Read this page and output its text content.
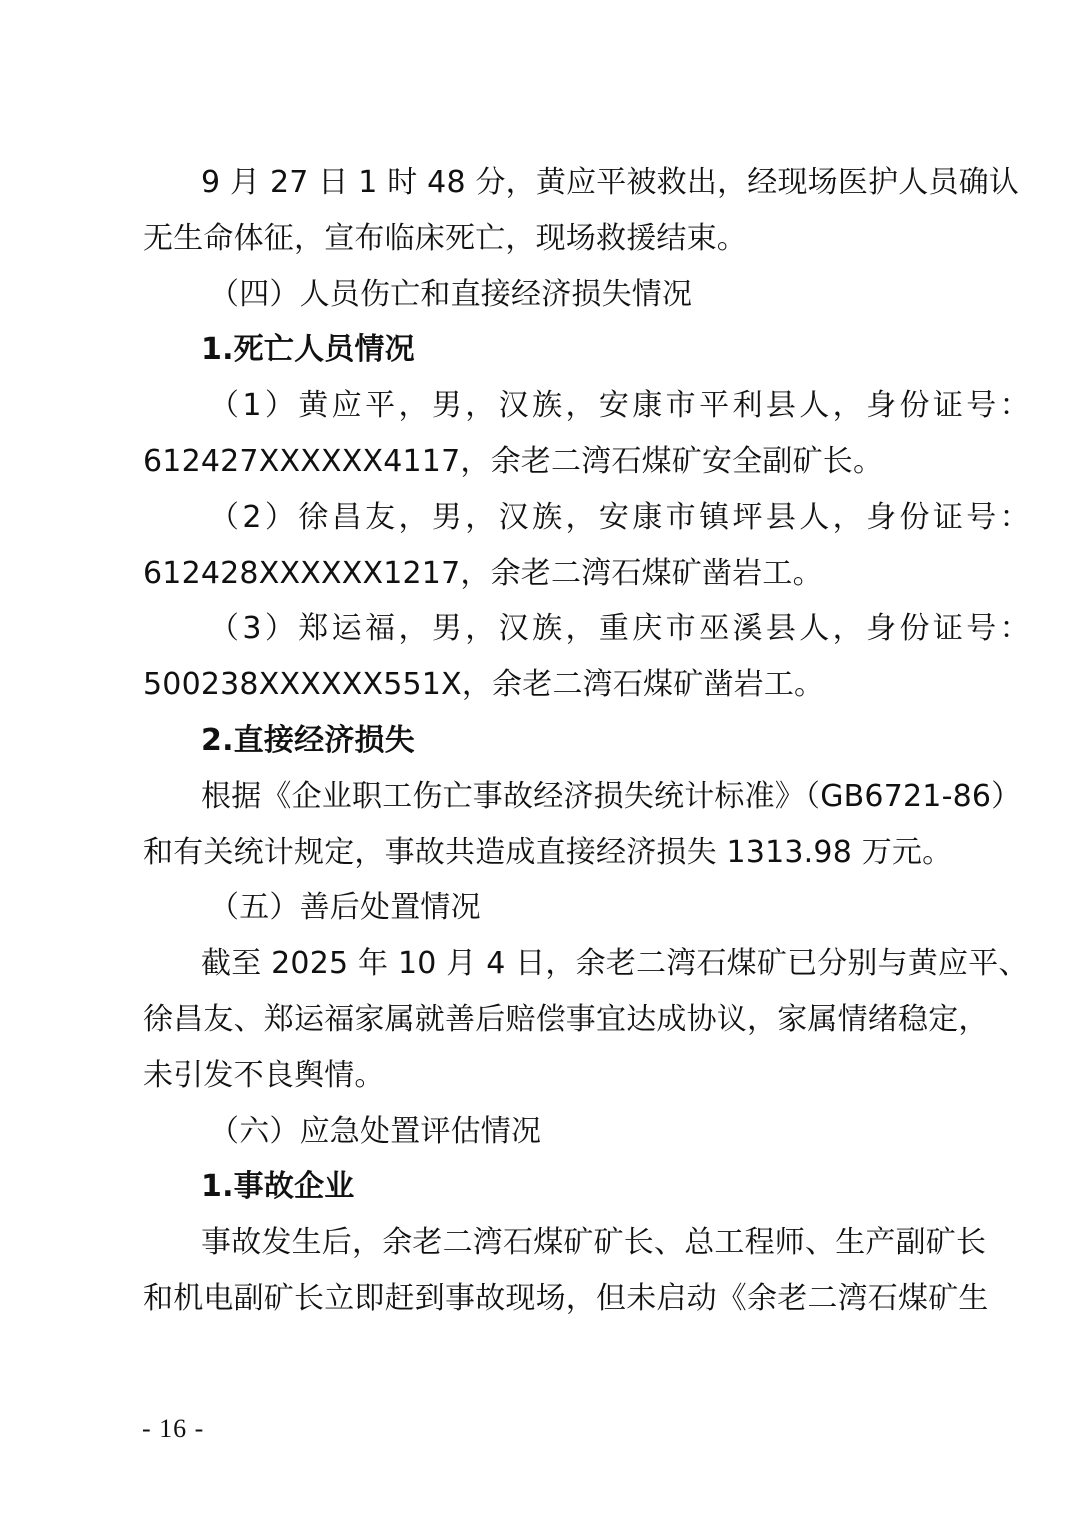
9 月 27 日 1 时 48 分，黄应平被救出，经现场医护人员确认
无生命体征，宣布临床死亡，现场救援结束。
（四）人员伤亡和直接经济损失情况
1.死亡人员情况
（1）黄应平，男，汉族，安康市平利县人，身份证号：
612427XXXXXX4117，余老二湾石煤矿安全副矿长。
（2）徐昌友，男，汉族，安康市镇坪县人，身份证号：
612428XXXXXX1217，余老二湾石煤矿凿岩工。
（3）郑运福，男，汉族，重庆市巫溪县人，身份证号：
500238XXXXXX551X，余老二湾石煤矿凿岩工。
2.直接经济损失
根据《企业职工伤亡事故经济损失统计标准》（GB6721-86）
和有关统计规定，事故共造成直接经济损失 1313.98 万元。
（五）善后处置情况
截至 2025 年 10 月 4 日，余老二湾石煤矿已分别与黄应平、
徐昌友、郑运福家属就善后赔偿事宜达成协议，家属情绪稳定，
未引发不良舆情。
（六）应急处置评估情况
1.事故企业
事故发生后，余老二湾石煤矿矿长、总工程师、生产副矿长
和机电副矿长立即赶到事故现场，但未启动《余老二湾石煤矿生
- 16 -
